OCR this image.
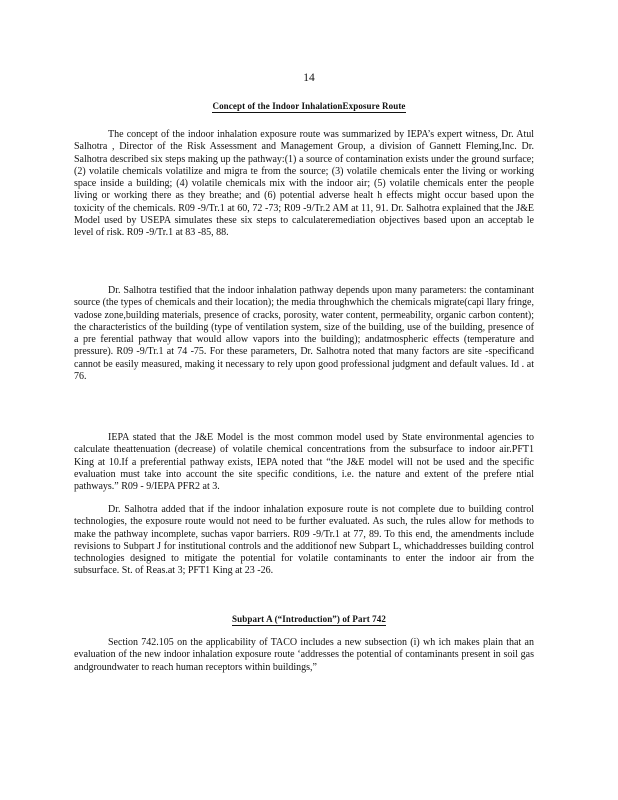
14
Concept of the Indoor InhalationExposure Route

The concept of the indoor inhalation exposure route was summarized by IEPA’s expert witness, Dr. Atul Salhotra , Director of the Risk Assessment and Management Group, a division of Gannett Fleming,Inc. Dr. Salhotra described six steps making up the pathway:(1) a source of contamination exists under the ground surface;(2) volatile chemicals volatilize and migra te from the source; (3) volatile chemicals enter the living or working space inside a building; (4) volatile chemicals mix with the indoor air; (5) volatile chemicals enter the people living or working there as they breathe; and (6) potential adverse healt h effects might occur based upon the toxicity of the chemicals. R09 -9/Tr.1 at 60, 72 -73; R09 -9/Tr.2 AM at 11, 91. Dr. Salhotra explained that the J&E Model used by USEPA simulates these six steps to calculateremediation objectives based upon an acceptab le level of risk. R09 -9/Tr.1 at 83 -85, 88.

Dr. Salhotra testified that the indoor inhalation pathway depends upon many parameters: the contaminant source (the types of chemicals and their location); the media throughwhich the chemicals migrate(capi llary fringe, vadose zone,building materials, presence of cracks, porosity, water content, permeability, organic carbon content); the characteristics of the building (type of ventilation system, size of the building, use of the building, presence of a pre ferential pathway that would allow vapors into the building); andatmospheric effects (temperature and pressure). R09 -9/Tr.1 at 74 -75. For these parameters, Dr. Salhotra noted that many factors are site -specificand cannot be easily measured, making it necessary to rely upon good professional judgment and default values. Id . at 76.

IEPA stated that the J&E Model is the most common model used by State environmental agencies to calculate theattenuation (decrease) of volatile chemical concentrations from the subsurface to indoor air.PFT1 King at 10.If a preferential pathway exists, IEPA noted that “the J&E model will not be used and the specific evaluation must take into account the site specific conditions, i.e. the nature and extent of the prefere ntial pathways.” R09 - 9/IEPA PFR2 at 3.

Dr. Salhotra added that if the indoor inhalation exposure route is not complete due to building control technologies, the exposure route would not need to be further evaluated. As such, the rules allow for methods to make the pathway incomplete, suchas vapor barriers. R09 -9/Tr.1 at 77, 89. To this end, the amendments include revisions to Subpart J for institutional controls and the additionof new Subpart L, whichaddresses building control technologies designed to mitigate the potential for volatile contaminants to enter the indoor air from the subsurface. St. of Reas.at 3; PFT1 King at 23 -26.

Subpart A (“Introduction”) of Part 742

Section 742.105 on the applicability of TACO includes a new subsection (i) wh ich makes plain that an evaluation of the new indoor inhalation exposure route ‘addresses the potential of contaminants present in soil gas andgroundwater to reach human receptors within buildings,”
